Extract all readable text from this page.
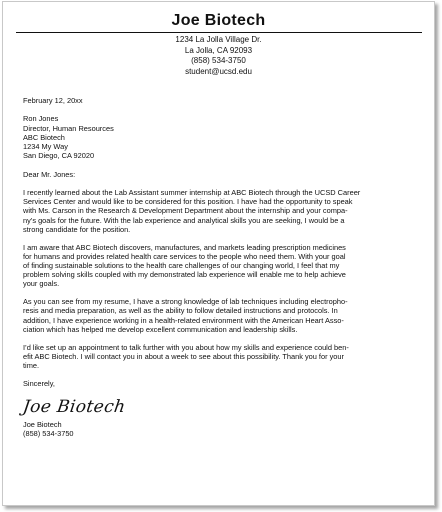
Joe Biotech
1234 La Jolla Village Dr.
La Jolla, CA 92093
(858) 534-3750
student@ucsd.edu
February 12, 20xx
Ron Jones
Director, Human Resources
ABC Biotech
1234 My Way
San Diego, CA 92020
Dear Mr. Jones:
I recently learned about the Lab Assistant summer internship at ABC Biotech through the UCSD Career
Services Center and would like to be considered for this position. I have had the opportunity to speak
with Ms. Carson in the Research & Development Department about the internship and your compa-
ny’s goals for the future. With the lab experience and analytical skills you are seeking, I would be a
strong candidate for the position.
I am aware that ABC Biotech discovers, manufactures, and markets leading prescription medicines
for humans and provides related health care services to the people who need them. With your goal
of finding sustainable solutions to the health care challenges of our changing world, I feel that my
problem solving skills coupled with my demonstrated lab experience will enable me to help achieve
your goals.
As you can see from my resume, I have a strong knowledge of lab techniques including electropho-
resis and media preparation, as well as the ability to follow detailed instructions and protocols. In
addition, I have experience working in a health-related environment with the American Heart Asso-
ciation which has helped me develop excellent communication and leadership skills.
I’d like set up an appointment to talk further with you about how my skills and experience could ben-
efit ABC Biotech. I will contact you in about a week to see about this possibility. Thank you for your
time.
Sincerely,
Joe Biotech
Joe Biotech
(858) 534-3750
